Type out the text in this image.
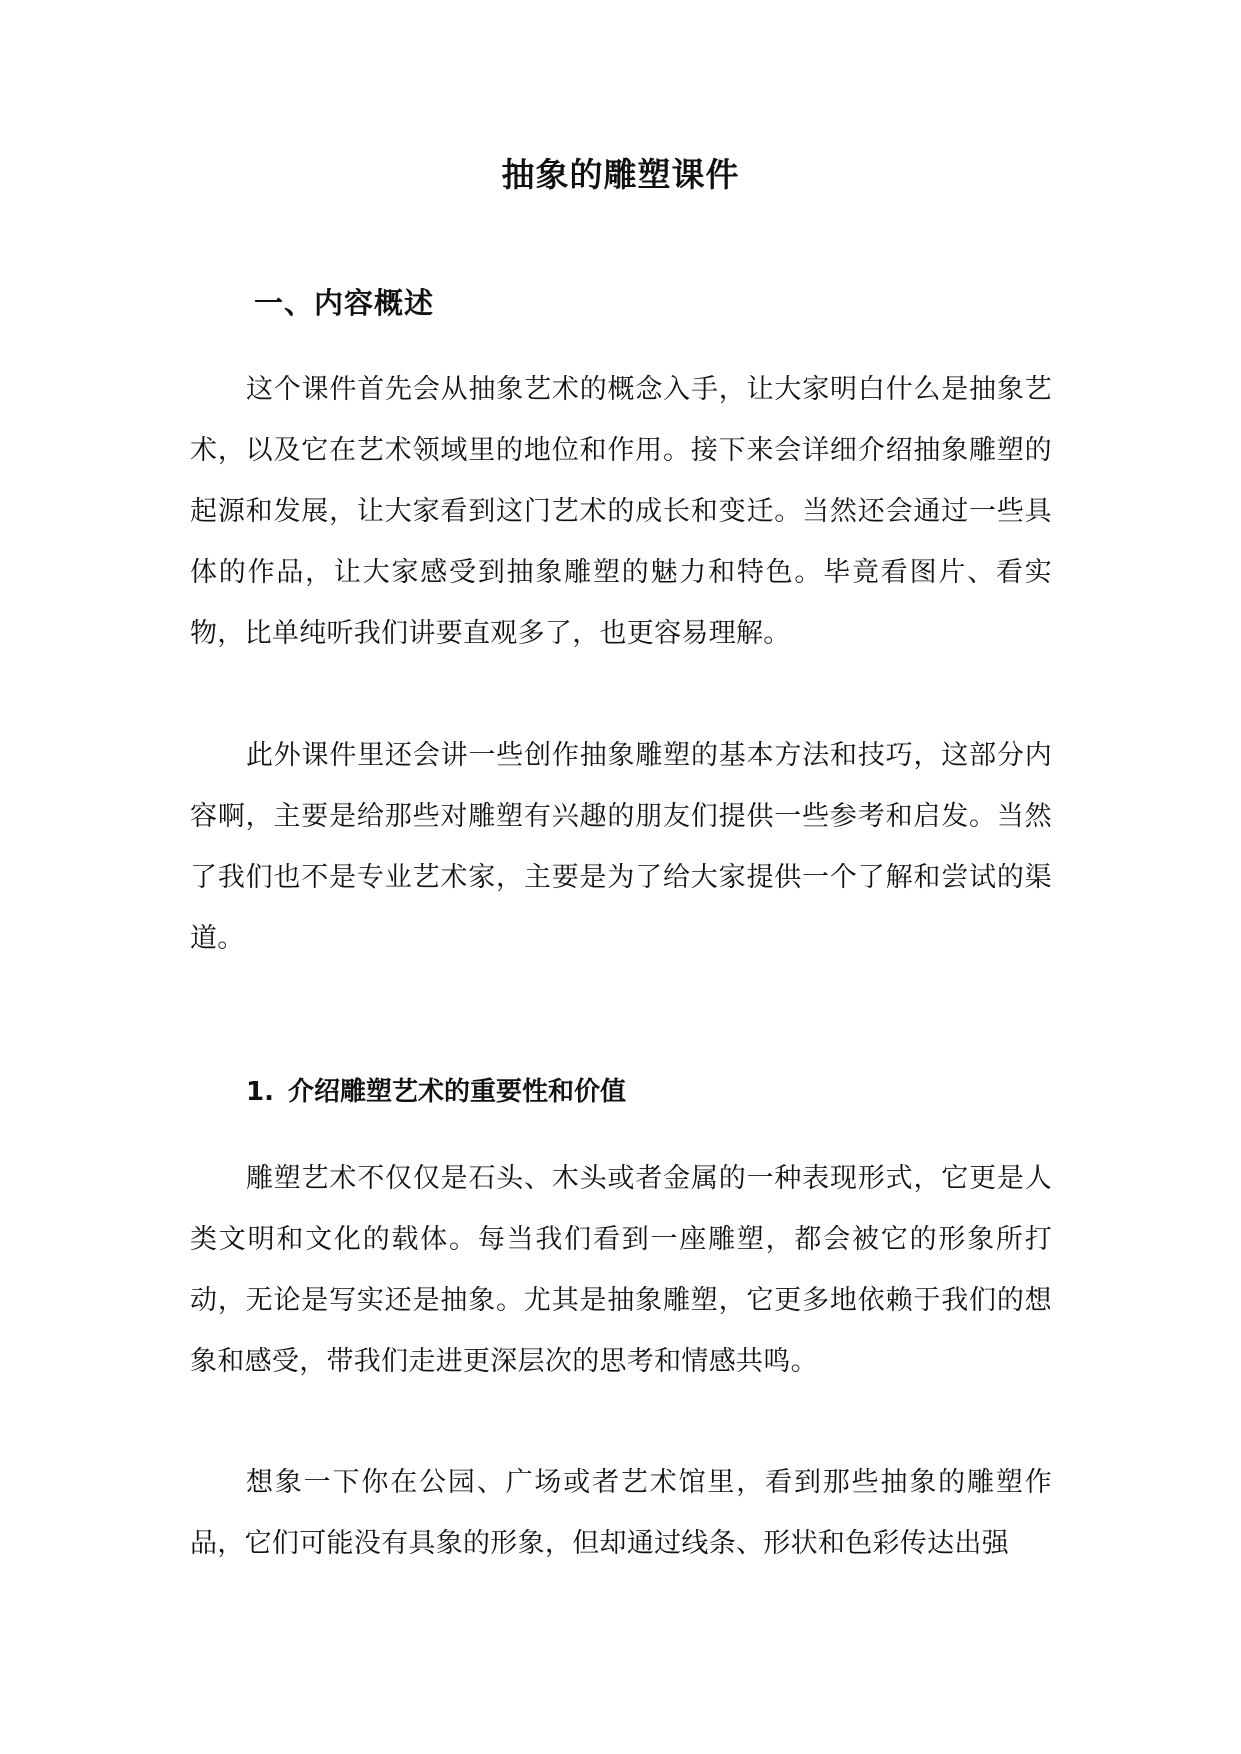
抽象的雕塑课件
一、内容概述

这个课件首先会从抽象艺术的概念入手，让大家明白什么是抽象艺术，以及它在艺术领域里的地位和作用。接下来会详细介绍抽象雕塑的起源和发展，让大家看到这门艺术的成长和变迁。当然还会通过一些具体的作品，让大家感受到抽象雕塑的魅力和特色。毕竟看图片、看实物，比单纯听我们讲要直观多了，也更容易理解。

此外课件里还会讲一些创作抽象雕塑的基本方法和技巧，这部分内容啊，主要是给那些对雕塑有兴趣的朋友们提供一些参考和启发。当然了我们也不是专业艺术家，主要是为了给大家提供一个了解和尝试的渠道。

1. 介绍雕塑艺术的重要性和价值

雕塑艺术不仅仅是石头、木头或者金属的一种表现形式，它更是人类文明和文化的载体。每当我们看到一座雕塑，都会被它的形象所打动，无论是写实还是抽象。尤其是抽象雕塑，它更多地依赖于我们的想象和感受，带我们走进更深层次的思考和情感共鸣。

想象一下你在公园、广场或者艺术馆里，看到那些抽象的雕塑作品，它们可能没有具象的形象，但却通过线条、形状和色彩传达出强
